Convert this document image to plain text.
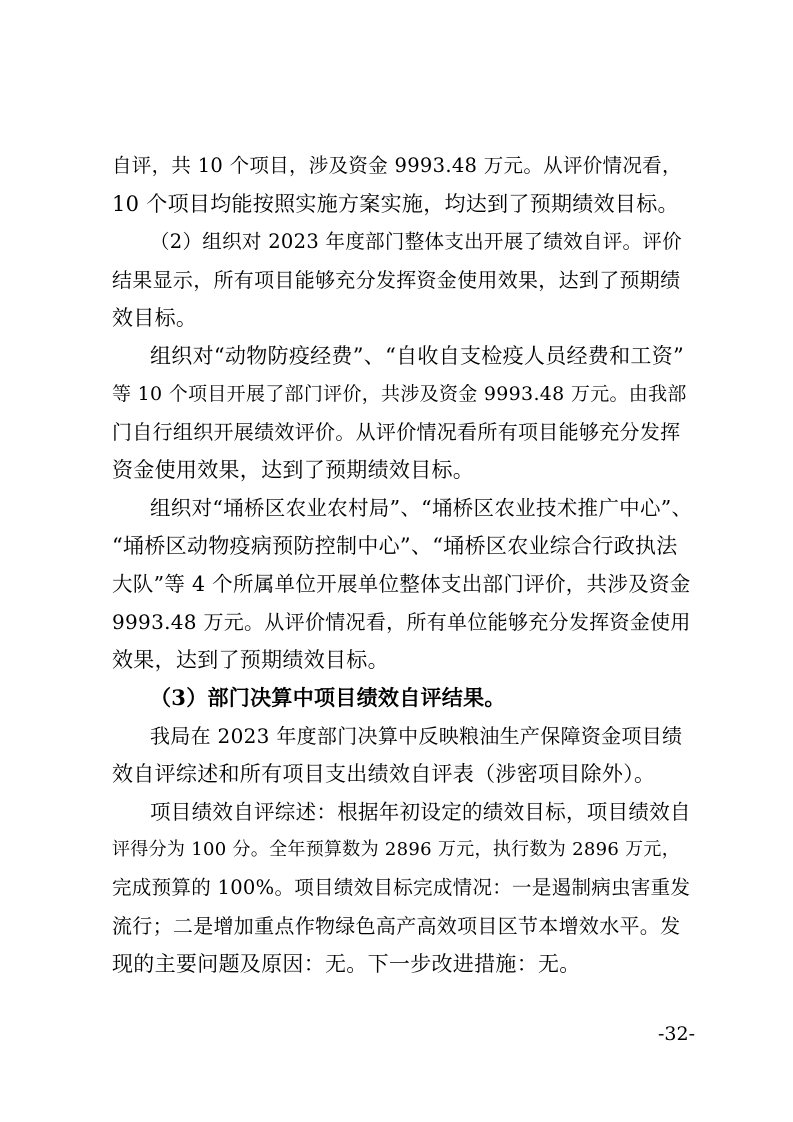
自评，共 10 个项目，涉及资金 9993.48 万元。从评价情况看，
10 个项目均能按照实施方案实施，均达到了预期绩效目标。
（2）组织对 2023 年度部门整体支出开展了绩效自评。评价
结果显示，所有项目能够充分发挥资金使用效果，达到了预期绩
效目标。
组织对“动物防疫经费”、“自收自支检疫人员经费和工资”
等 10 个项目开展了部门评价，共涉及资金 9993.48 万元。由我部
门自行组织开展绩效评价。从评价情况看所有项目能够充分发挥
资金使用效果，达到了预期绩效目标。
组织对“埇桥区农业农村局”、“埇桥区农业技术推广中心”、
“埇桥区动物疫病预防控制中心”、“埇桥区农业综合行政执法
大队”等 4 个所属单位开展单位整体支出部门评价，共涉及资金
9993.48 万元。从评价情况看，所有单位能够充分发挥资金使用
效果，达到了预期绩效目标。
（3）部门决算中项目绩效自评结果。
我局在 2023 年度部门决算中反映粮油生产保障资金项目绩
效自评综述和所有项目支出绩效自评表（涉密项目除外）。
项目绩效自评综述：根据年初设定的绩效目标，项目绩效自
评得分为 100 分。全年预算数为 2896 万元，执行数为 2896 万元，
完成预算的 100%。项目绩效目标完成情况：一是遏制病虫害重发
流行；二是增加重点作物绿色高产高效项目区节本增效水平。发
现的主要问题及原因：无。下一步改进措施：无。
-32-
